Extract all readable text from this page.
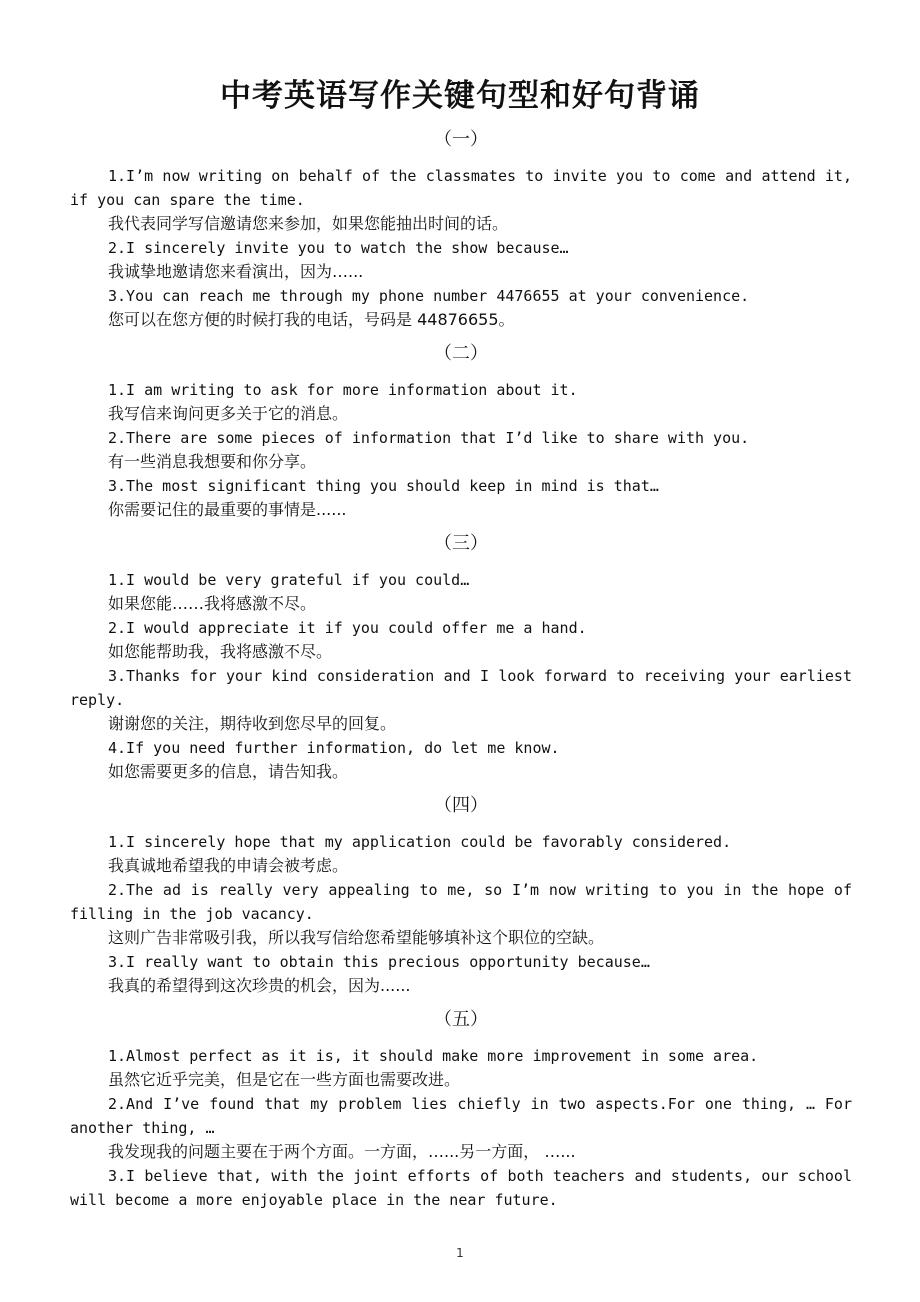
中考英语写作关键句型和好句背诵
（一）
1.I’m now writing on behalf of the classmates to invite you to come and attend it, if you can spare the time.
我代表同学写信邀请您来参加，如果您能抽出时间的话。
2.I sincerely invite you to watch the show because…
我诚挚地邀请您来看演出，因为…...
3.You can reach me through my phone number 4476655 at your convenience.
您可以在您方便的时候打我的电话，号码是 44876655。
（二）
1.I am writing to ask for more information about it.
我写信来询问更多关于它的消息。
2.There are some pieces of information that I’d like to share with you.
有一些消息我想要和你分享。
3.The most significant thing you should keep in mind is that…
你需要记住的最重要的事情是......
（三）
1.I would be very grateful if you could…
如果您能……我将感激不尽。
2.I would appreciate it if you could offer me a hand.
如您能帮助我，我将感激不尽。
3.Thanks for your kind consideration and I look forward to receiving your earliest reply.
谢谢您的关注，期待收到您尽早的回复。
4.If you need further information, do let me know.
如您需要更多的信息，请告知我。
（四）
1.I sincerely hope that my application could be favorably considered.
我真诚地希望我的申请会被考虑。
2.The ad is really very appealing to me, so I’m now writing to you in the hope of filling in the job vacancy.
这则广告非常吸引我，所以我写信给您希望能够填补这个职位的空缺。
3.I really want to obtain this precious opportunity because…
我真的希望得到这次珍贵的机会，因为......
（五）
1.Almost perfect as it is, it should make more improvement in some area.
虽然它近乎完美，但是它在一些方面也需要改进。
2.And I’ve found that my problem lies chiefly in two aspects.For one thing, … For another thing, …
我发现我的问题主要在于两个方面。一方面，…...另一方面， …...
3.I believe that, with the joint efforts of both teachers and students, our school will become a more enjoyable place in the near future.
1
